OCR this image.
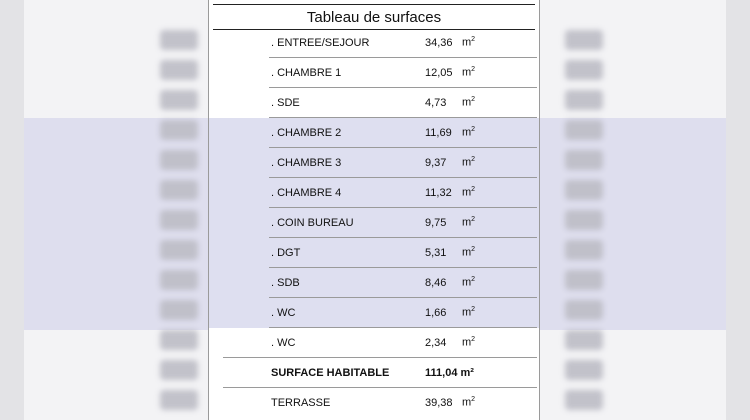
Tableau de surfaces
. ENTREE/SEJOUR	34,36 $m^2$
. CHAMBRE 1	12,05 $m^2$
. SDE	4,73 $m^2$
. CHAMBRE 2	11,69 $m^2$
. CHAMBRE 3	9,37 $m^2$
. CHAMBRE 4	11,32 $m^2$
. COIN BUREAU	9,75 $m^2$
. DGT	5,31 $m^2$
. SDB	8,46 $m^2$
. WC	1,66 $m^2$
. WC	2,34 $m^2$
SURFACE HABITABLE	111,04 m²
TERRASSE	39,38 $m^2$
